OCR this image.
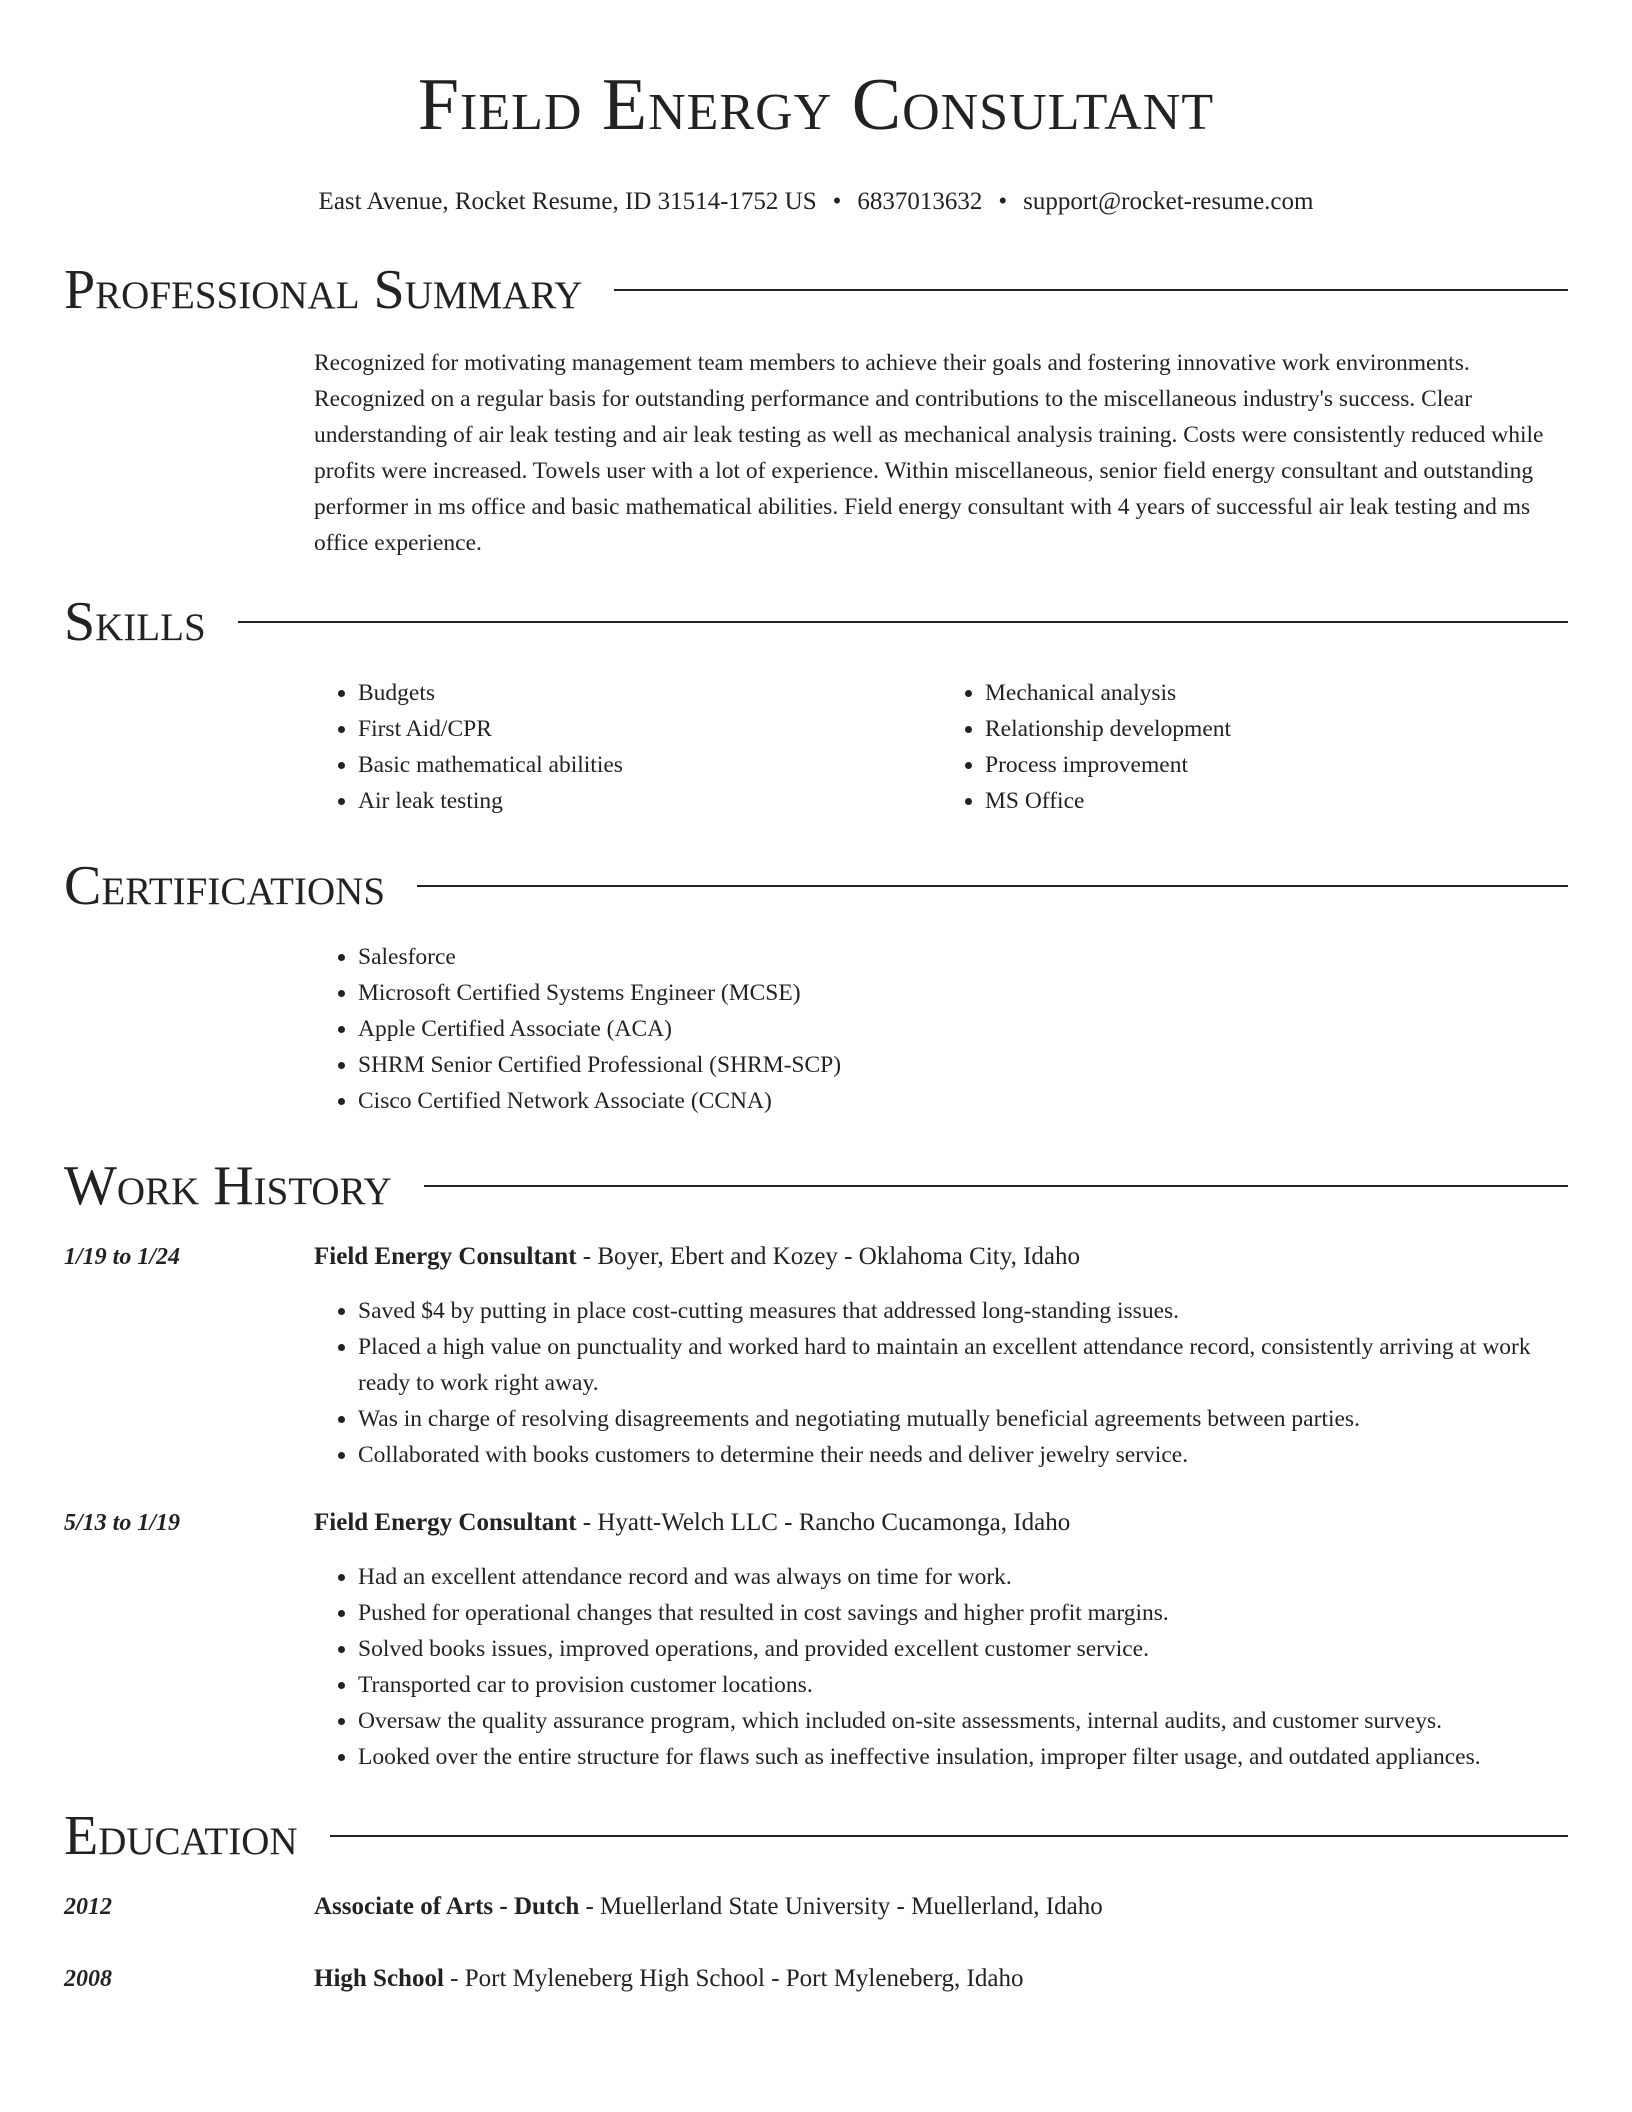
Field Energy Consultant
East Avenue, Rocket Resume, ID 31514-1752 US • 6837013632 • support@rocket-resume.com
Professional Summary
Recognized for motivating management team members to achieve their goals and fostering innovative work environments. Recognized on a regular basis for outstanding performance and contributions to the miscellaneous industry's success. Clear understanding of air leak testing and air leak testing as well as mechanical analysis training. Costs were consistently reduced while profits were increased. Towels user with a lot of experience. Within miscellaneous, senior field energy consultant and outstanding performer in ms office and basic mathematical abilities. Field energy consultant with 4 years of successful air leak testing and ms office experience.
Skills
• Budgets
• First Aid/CPR
• Basic mathematical abilities
• Air leak testing
• Mechanical analysis
• Relationship development
• Process improvement
• MS Office
Certifications
• Salesforce
• Microsoft Certified Systems Engineer (MCSE)
• Apple Certified Associate (ACA)
• SHRM Senior Certified Professional (SHRM-SCP)
• Cisco Certified Network Associate (CCNA)
Work History
1/19 to 1/24	Field Energy Consultant - Boyer, Ebert and Kozey - Oklahoma City, Idaho
• Saved $4 by putting in place cost-cutting measures that addressed long-standing issues.
• Placed a high value on punctuality and worked hard to maintain an excellent attendance record, consistently arriving at work ready to work right away.
• Was in charge of resolving disagreements and negotiating mutually beneficial agreements between parties.
• Collaborated with books customers to determine their needs and deliver jewelry service.
5/13 to 1/19	Field Energy Consultant - Hyatt-Welch LLC - Rancho Cucamonga, Idaho
• Had an excellent attendance record and was always on time for work.
• Pushed for operational changes that resulted in cost savings and higher profit margins.
• Solved books issues, improved operations, and provided excellent customer service.
• Transported car to provision customer locations.
• Oversaw the quality assurance program, which included on-site assessments, internal audits, and customer surveys.
• Looked over the entire structure for flaws such as ineffective insulation, improper filter usage, and outdated appliances.
Education
2012	Associate of Arts - Dutch - Muellerland State University - Muellerland, Idaho
2008	High School - Port Myleneberg High School - Port Myleneberg, Idaho
